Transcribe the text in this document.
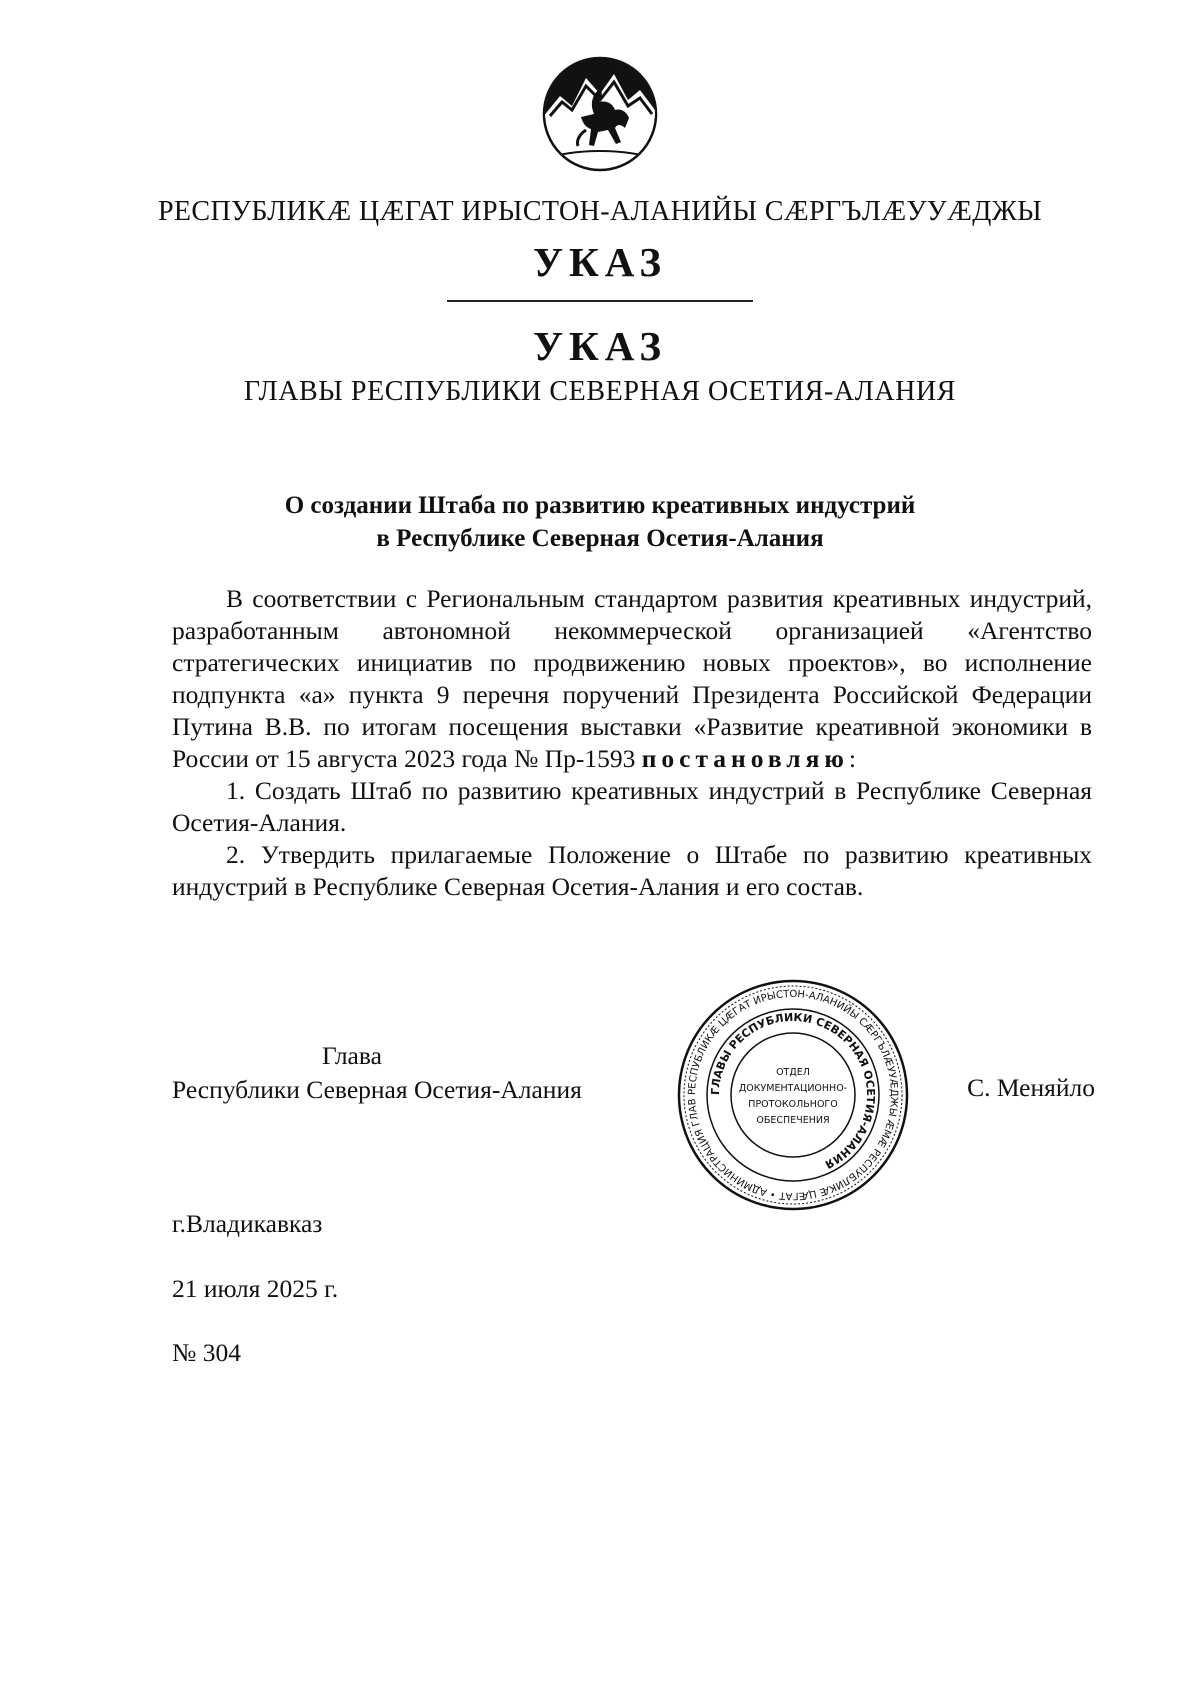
РЕСПУБЛИКӔ ЦӔГАТ ИРЫСТОН-АЛАНИЙЫ СӔРГЪЛӔУУӔДЖЫ
УКАЗ
УКАЗ
ГЛАВЫ РЕСПУБЛИКИ СЕВЕРНАЯ ОСЕТИЯ-АЛАНИЯ
О создании Штаба по развитию креативных индустрий
в Республике Северная Осетия-Алания

В соответствии с Региональным стандартом развития креативных индустрий, разработанным автономной некоммерческой организацией «Агентство стратегических инициатив по продвижению новых проектов», во исполнение подпункта «а» пункта 9 перечня поручений Президента Российской Федерации Путина В.В. по итогам посещения выставки «Развитие креативной экономики в России от 15 августа 2023 года № Пр-1593 постановляю:

1. Создать Штаб по развитию креативных индустрий в Республике Северная Осетия-Алания.

2. Утвердить прилагаемые Положение о Штабе по развитию креативных индустрий в Республике Северная Осетия-Алания и его состав.

Глава
Республики Северная Осетия-Алания	РЕСПУБЛИКӔ ЦӔГАТ ИРЫСТОН-АЛАНИЙЫ СӔРГЪЛӔУУӔДЖЫ ӔМӔ РЕСПУБЛИКӔ ЦӔГАТ • АДМИНИСТРАЦИЯ ГЛАВ
ГЛАВЫ РЕСПУБЛИКИ СЕВЕРНАЯ ОСЕТИЯ-АЛАНИЯ
ОТДЕЛ
ДОКУМЕНТАЦИОННО-
ПРОТОКОЛЬНОГО
ОБЕСПЕЧЕНИЯ
С. Меняйло
г.Владикавказ
21 июля 2025 г.
№ 304
